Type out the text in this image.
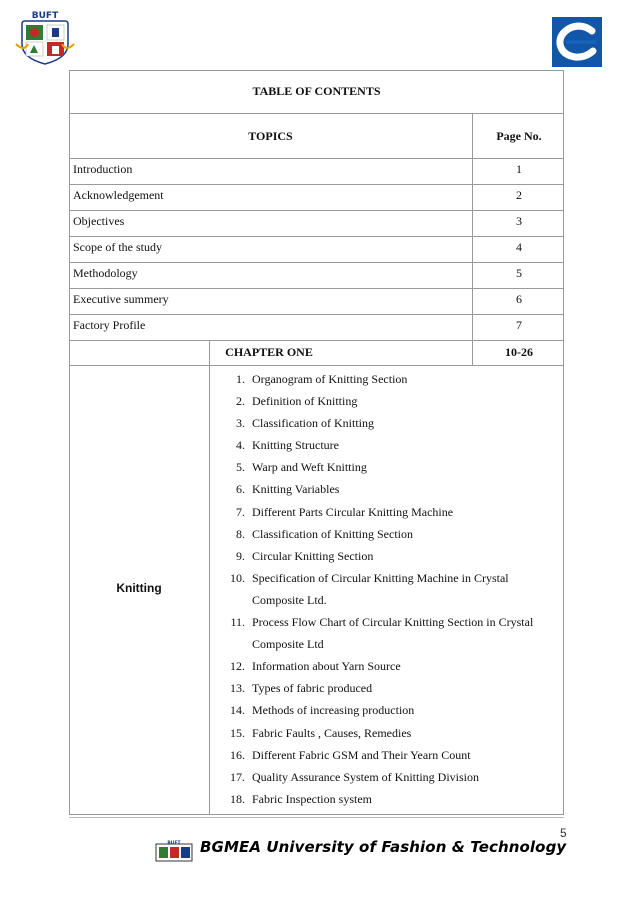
BUFT
TABLE OF CONTENTS
TOPICS	Page No.
Introduction	1
Acknowledgement	2
Objectives	3
Scope of the study	4
Methodology	5
Executive summery	6
Factory Profile	7
CHAPTER ONE	10-26
Knitting
1. Organogram of Knitting Section
2. Definition of Knitting
3. Classification of Knitting
4. Knitting Structure
5. Warp and Weft Knitting
6. Knitting Variables
7. Different Parts Circular Knitting Machine
8. Classification of Knitting Section
9. Circular Knitting Section
10. Specification of Circular Knitting Machine in Crystal Composite Ltd.
11. Process Flow Chart of Circular Knitting Section in Crystal Composite Ltd
12. Information about Yarn Source
13. Types of fabric produced
14. Methods of increasing production
15. Fabric Faults , Causes, Remedies
16. Different Fabric GSM and Their Yearn Count
17. Quality Assurance System of Knitting Division
18. Fabric Inspection system
5
BUFT BGMEA University of Fashion & Technology
